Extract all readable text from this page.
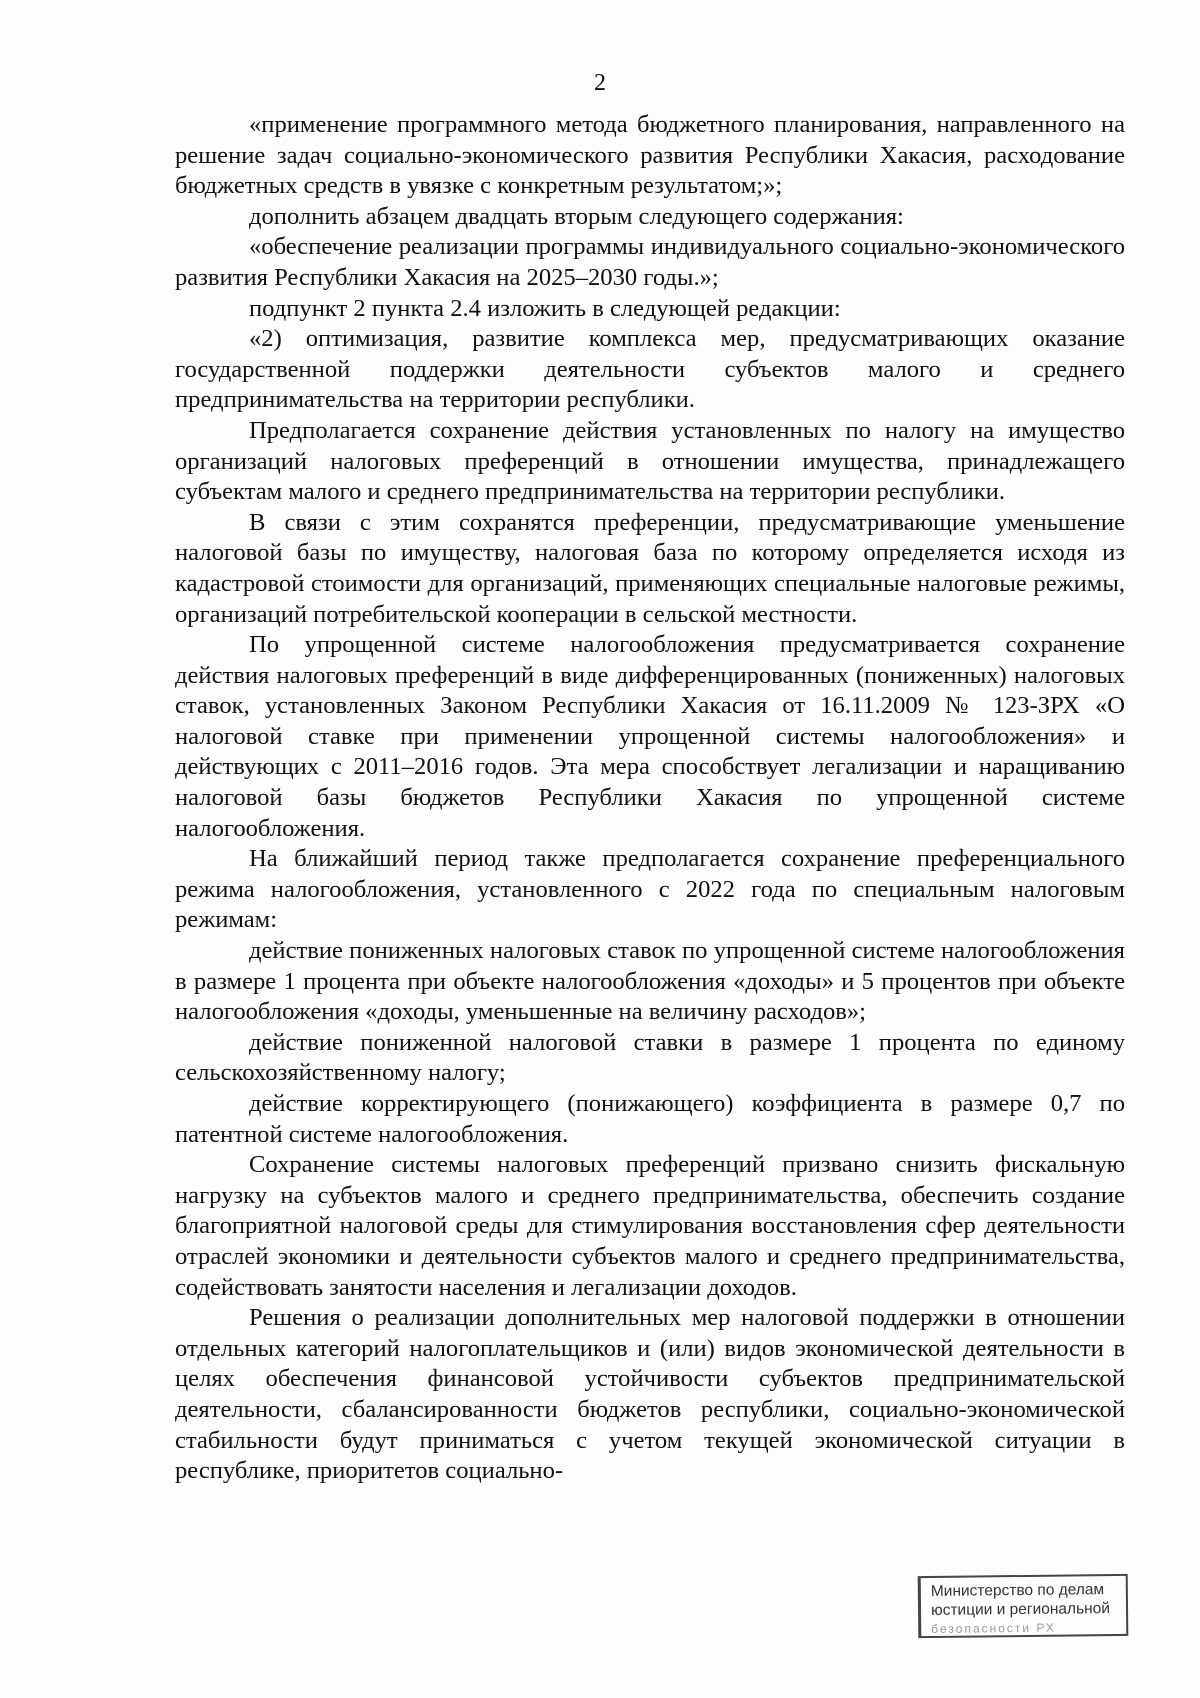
2

«применение программного метода бюджетного планирования, направленного на решение задач социально-экономического развития Республики Хакасия, расходование бюджетных средств в увязке с конкретным результатом;»;

дополнить абзацем двадцать вторым следующего содержания:

«обеспечение реализации программы индивидуального социально-экономического развития Республики Хакасия на 2025–2030 годы.»;

подпункт 2 пункта 2.4 изложить в следующей редакции:

«2) оптимизация, развитие комплекса мер, предусматривающих оказание государственной поддержки деятельности субъектов малого и среднего предпринимательства на территории республики.

Предполагается сохранение действия установленных по налогу на имущество организаций налоговых преференций в отношении имущества, принадлежащего субъектам малого и среднего предпринимательства на территории республики.

В связи с этим сохранятся преференции, предусматривающие уменьшение налоговой базы по имуществу, налоговая база по которому определяется исходя из кадастровой стоимости для организаций, применяющих специальные налоговые режимы, организаций потребительской кооперации в сельской местности.

По упрощенной системе налогообложения предусматривается сохранение действия налоговых преференций в виде дифференцированных (пониженных) налоговых ставок, установленных Законом Республики Хакасия от 16.11.2009 № 123-ЗРХ «О налоговой ставке при применении упрощенной системы налогообложения» и действующих с 2011–2016 годов. Эта мера способствует легализации и наращиванию налоговой базы бюджетов Республики Хакасия по упрощенной системе налогообложения.

На ближайший период также предполагается сохранение преференциального режима налогообложения, установленного с 2022 года по специальным налоговым режимам:

действие пониженных налоговых ставок по упрощенной системе налогообложения в размере 1 процента при объекте налогообложения «доходы» и 5 процентов при объекте налогообложения «доходы, уменьшенные на величину расходов»;

действие пониженной налоговой ставки в размере 1 процента по единому сельскохозяйственному налогу;

действие корректирующего (понижающего) коэффициента в размере 0,7 по патентной системе налогообложения.

Сохранение системы налоговых преференций призвано снизить фискальную нагрузку на субъектов малого и среднего предпринимательства, обеспечить создание благоприятной налоговой среды для стимулирования восстановления сфер деятельности отраслей экономики и деятельности субъектов малого и среднего предпринимательства, содействовать занятости населения и легализации доходов.

Решения о реализации дополнительных мер налоговой поддержки в отношении отдельных категорий налогоплательщиков и (или) видов экономической деятельности в целях обеспечения финансовой устойчивости субъектов предпринимательской деятельности, сбалансированности бюджетов республики, социально-экономической стабильности будут приниматься с учетом текущей экономической ситуации в республике, приоритетов социально-

Министерство по делам
юстиции и региональной
безопасности РХ
